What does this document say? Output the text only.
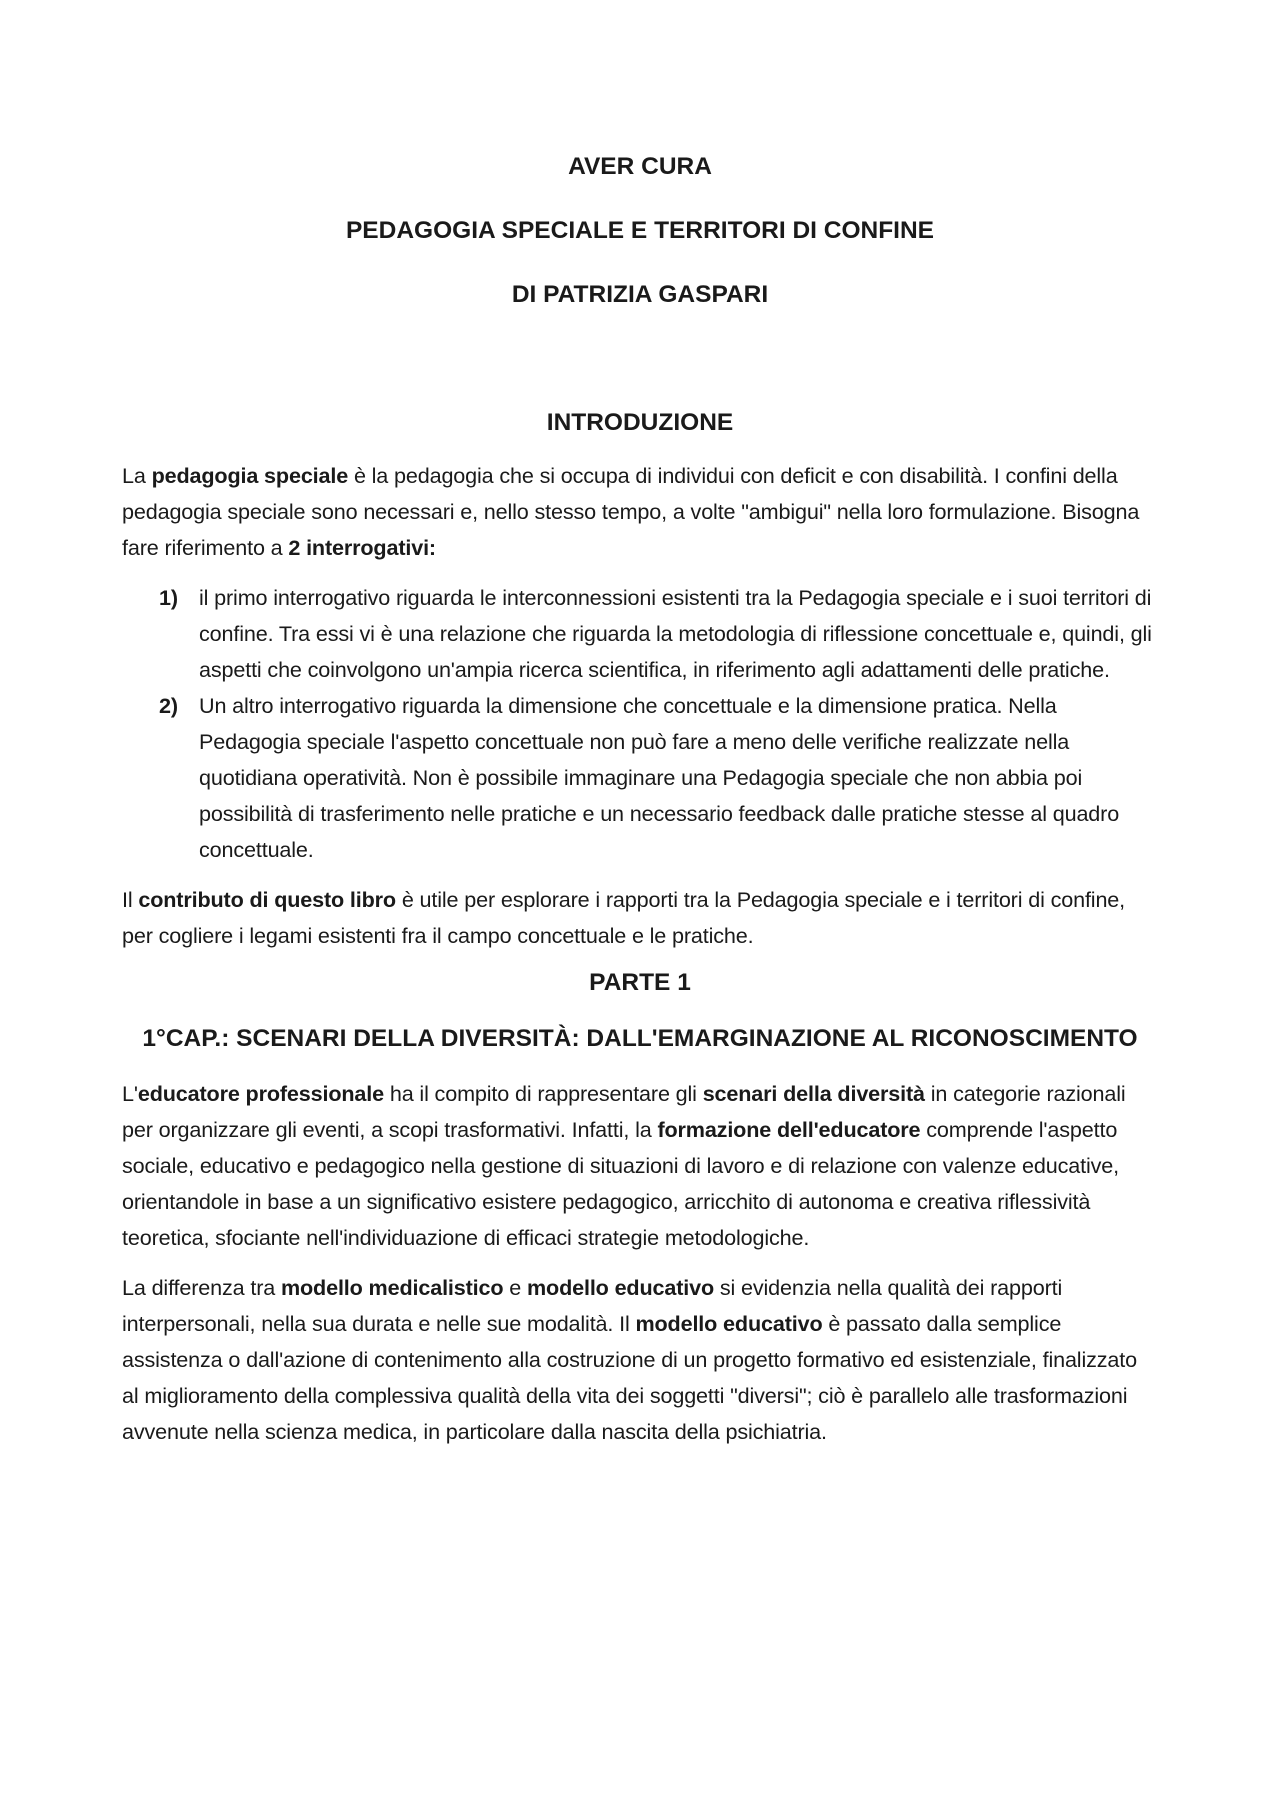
AVER CURA
PEDAGOGIA SPECIALE E TERRITORI DI CONFINE
DI PATRIZIA GASPARI
INTRODUZIONE

La pedagogia speciale è la pedagogia che si occupa di individui con deficit e con disabilità. I confini della pedagogia speciale sono necessari e, nello stesso tempo, a volte "ambigui" nella loro formulazione. Bisogna fare riferimento a 2 interrogativi:

1) il primo interrogativo riguarda le interconnessioni esistenti tra la Pedagogia speciale e i suoi territori di confine. Tra essi vi è una relazione che riguarda la metodologia di riflessione concettuale e, quindi, gli aspetti che coinvolgono un'ampia ricerca scientifica, in riferimento agli adattamenti delle pratiche.
2) Un altro interrogativo riguarda la dimensione che concettuale e la dimensione pratica. Nella Pedagogia speciale l'aspetto concettuale non può fare a meno delle verifiche realizzate nella quotidiana operatività. Non è possibile immaginare una Pedagogia speciale che non abbia poi possibilità di trasferimento nelle pratiche e un necessario feedback dalle pratiche stesse al quadro concettuale.

Il contributo di questo libro è utile per esplorare i rapporti tra la Pedagogia speciale e i territori di confine, per cogliere i legami esistenti fra il campo concettuale e le pratiche.

PARTE 1
1°CAP.: SCENARI DELLA DIVERSITÀ: DALL'EMARGINAZIONE AL RICONOSCIMENTO

L'educatore professionale ha il compito di rappresentare gli scenari della diversità in categorie razionali per organizzare gli eventi, a scopi trasformativi. Infatti, la formazione dell'educatore comprende l'aspetto sociale, educativo e pedagogico nella gestione di situazioni di lavoro e di relazione con valenze educative, orientandole in base a un significativo esistere pedagogico, arricchito di autonoma e creativa riflessività teoretica, sfociante nell'individuazione di efficaci strategie metodologiche.

La differenza tra modello medicalistico e modello educativo si evidenzia nella qualità dei rapporti interpersonali, nella sua durata e nelle sue modalità. Il modello educativo è passato dalla semplice assistenza o dall'azione di contenimento alla costruzione di un progetto formativo ed esistenziale, finalizzato al miglioramento della complessiva qualità della vita dei soggetti "diversi"; ciò è parallelo alle trasformazioni avvenute nella scienza medica, in particolare dalla nascita della psichiatria.
